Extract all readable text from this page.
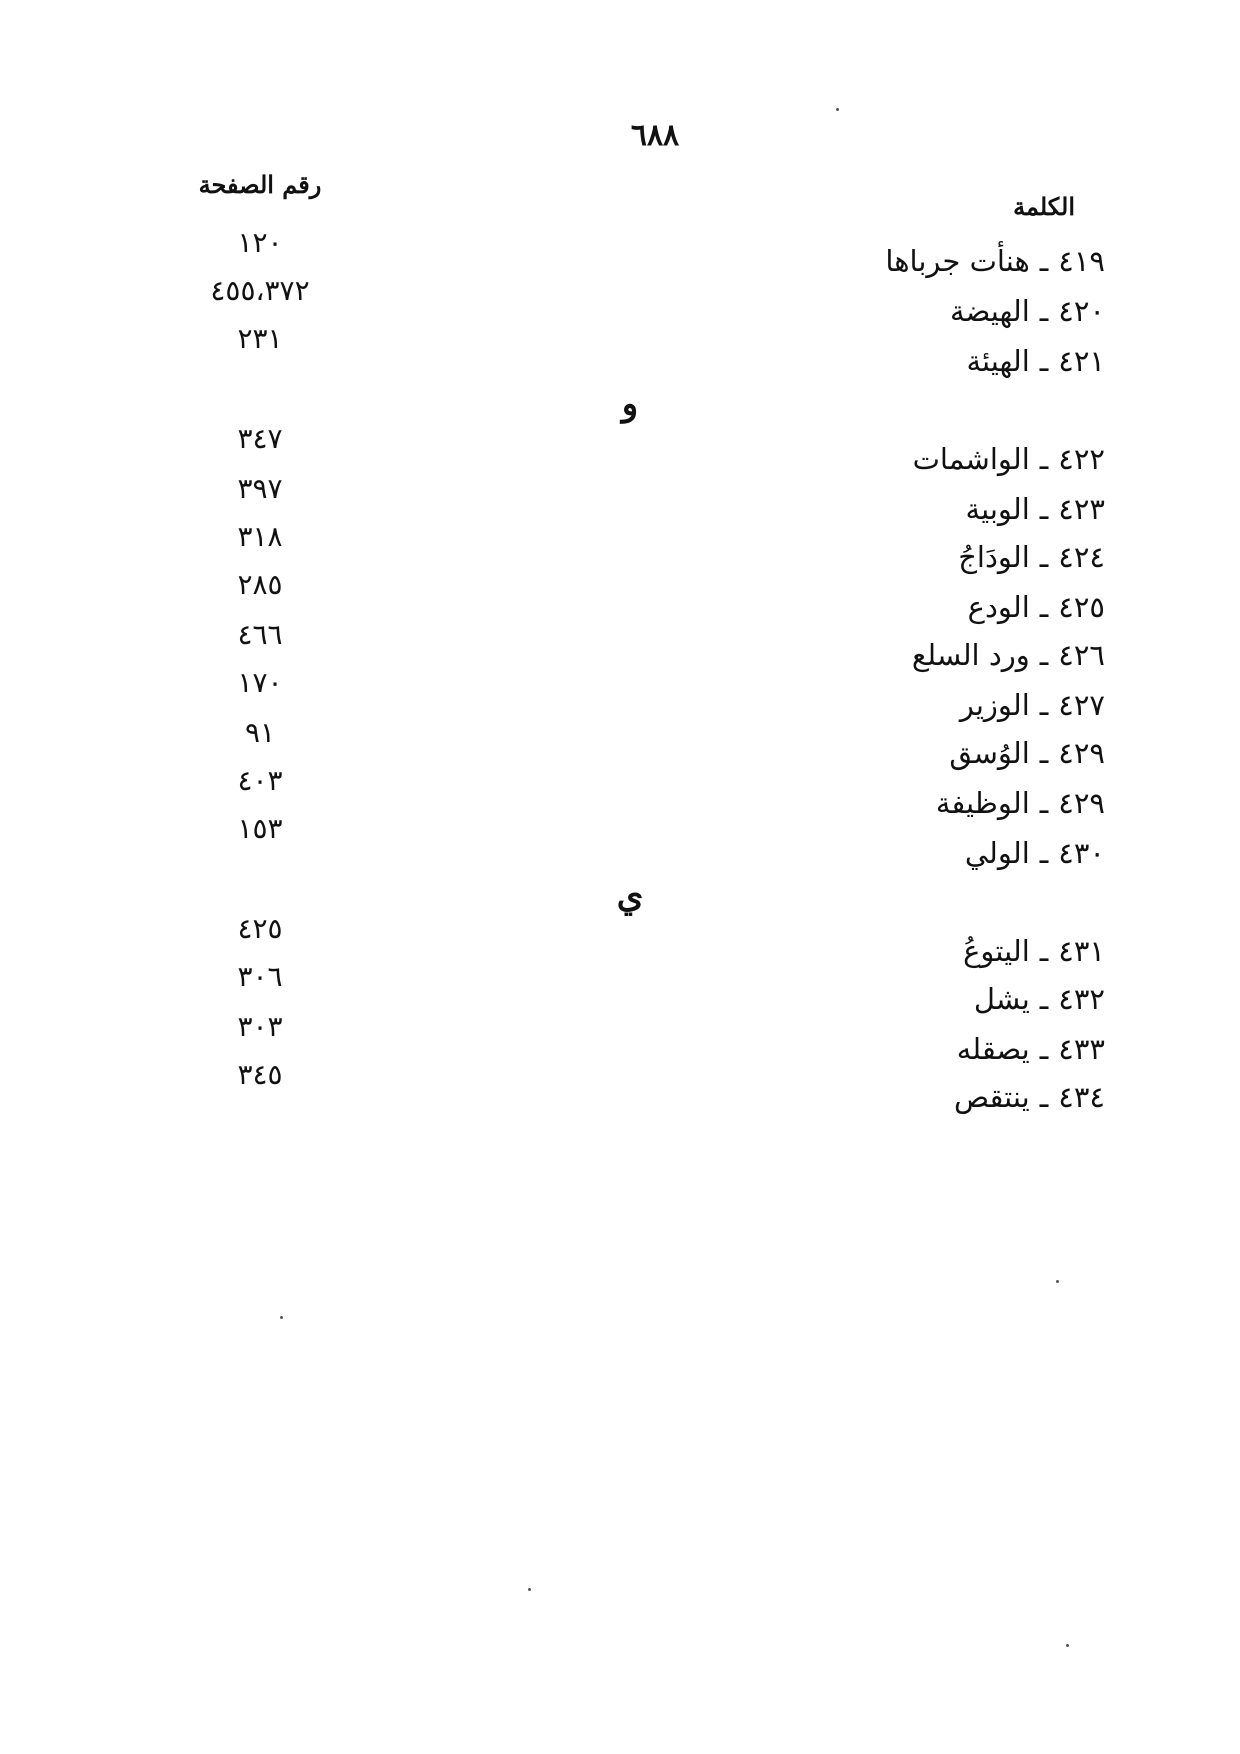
٦٨٨
رقم الصفحة
الكلمة
١٢٠
٤١٩ـهنأت جرباها
٤٥٥،٣٧٢
٤٢٠ـالهيضة
٢٣١
٤٢١ـالهيئة
و
٣٤٧
٤٢٢ـالواشمات
٣٩٧
٤٢٣ـالوبية
٣١٨
٤٢٤ـالودَاجُ
٢٨٥
٤٢٥ـالودع
٤٦٦
٤٢٦ـورد السلع
١٧٠
٤٢٧ـالوزير
٩١
٤٢٩ـالوُسق
٤٠٣
٤٢٩ـالوظيفة
١٥٣
٤٣٠ـالولي
ي
٤٢٥
٤٣١ـاليتوعُ
٣٠٦
٤٣٢ـيشل
٣٠٣
٤٣٣ـيصقله
٣٤٥
٤٣٤ـينتقص
